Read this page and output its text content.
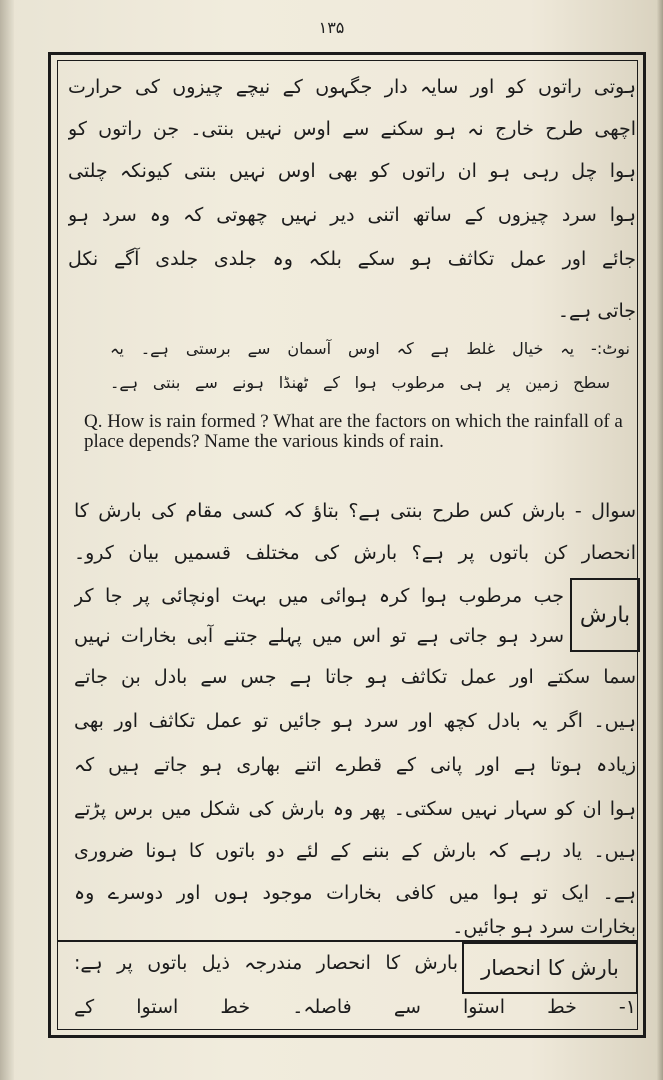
۱۳۵
ہوتی راتوں کو اور سایہ دار جگہوں کے نیچے چیزوں کی حرارت
اچھی طرح خارج نہ ہو سکنے سے اوس نہیں بنتی۔ جن راتوں کو
ہوا چل رہی ہو ان راتوں کو بھی اوس نہیں بنتی کیونکہ چلتی
ہوا سرد چیزوں کے ساتھ اتنی دیر نہیں چھوتی کہ وہ سرد ہو
جائے اور عمل تکاثف ہو سکے بلکہ وہ جلدی جلدی آگے نکل
جاتی ہے۔
نوٹ:- یہ خیال غلط ہے کہ اوس آسمان سے برستی ہے۔ یہ
سطح زمین پر ہی مرطوب ہوا کے ٹھنڈا ہونے سے بنتی ہے۔
Q. How is rain formed ? What are the factors on which the rainfall of a place depends? Name the various kinds of rain.
سوال - بارش کس طرح بنتی ہے؟ بتاؤ کہ کسی مقام کی بارش کا
انحصار کن باتوں پر ہے؟ بارش کی مختلف قسمیں بیان کرو۔
بارش
جب مرطوب ہوا کرہ ہوائی میں بہت اونچائی پر جا کر
سرد ہو جاتی ہے تو اس میں پہلے جتنے آبی بخارات نہیں
سما سکتے اور عمل تکاثف ہو جاتا ہے جس سے بادل بن جاتے
ہیں۔ اگر یہ بادل کچھ اور سرد ہو جائیں تو عمل تکاثف اور بھی
زیادہ ہوتا ہے اور پانی کے قطرے اتنے بھاری ہو جاتے ہیں کہ
ہوا ان کو سہار نہیں سکتی۔ پھر وہ بارش کی شکل میں برس پڑتے
ہیں۔ یاد رہے کہ بارش کے بننے کے لئے دو باتوں کا ہونا ضروری
ہے۔ ایک تو ہوا میں کافی بخارات موجود ہوں اور دوسرے وہ
بخارات سرد ہو جائیں۔
بارش کا انحصار
بارش کا انحصار مندرجہ ذیل باتوں پر ہے:
۱- خط استوا سے فاصلہ۔ خط استوا کے
